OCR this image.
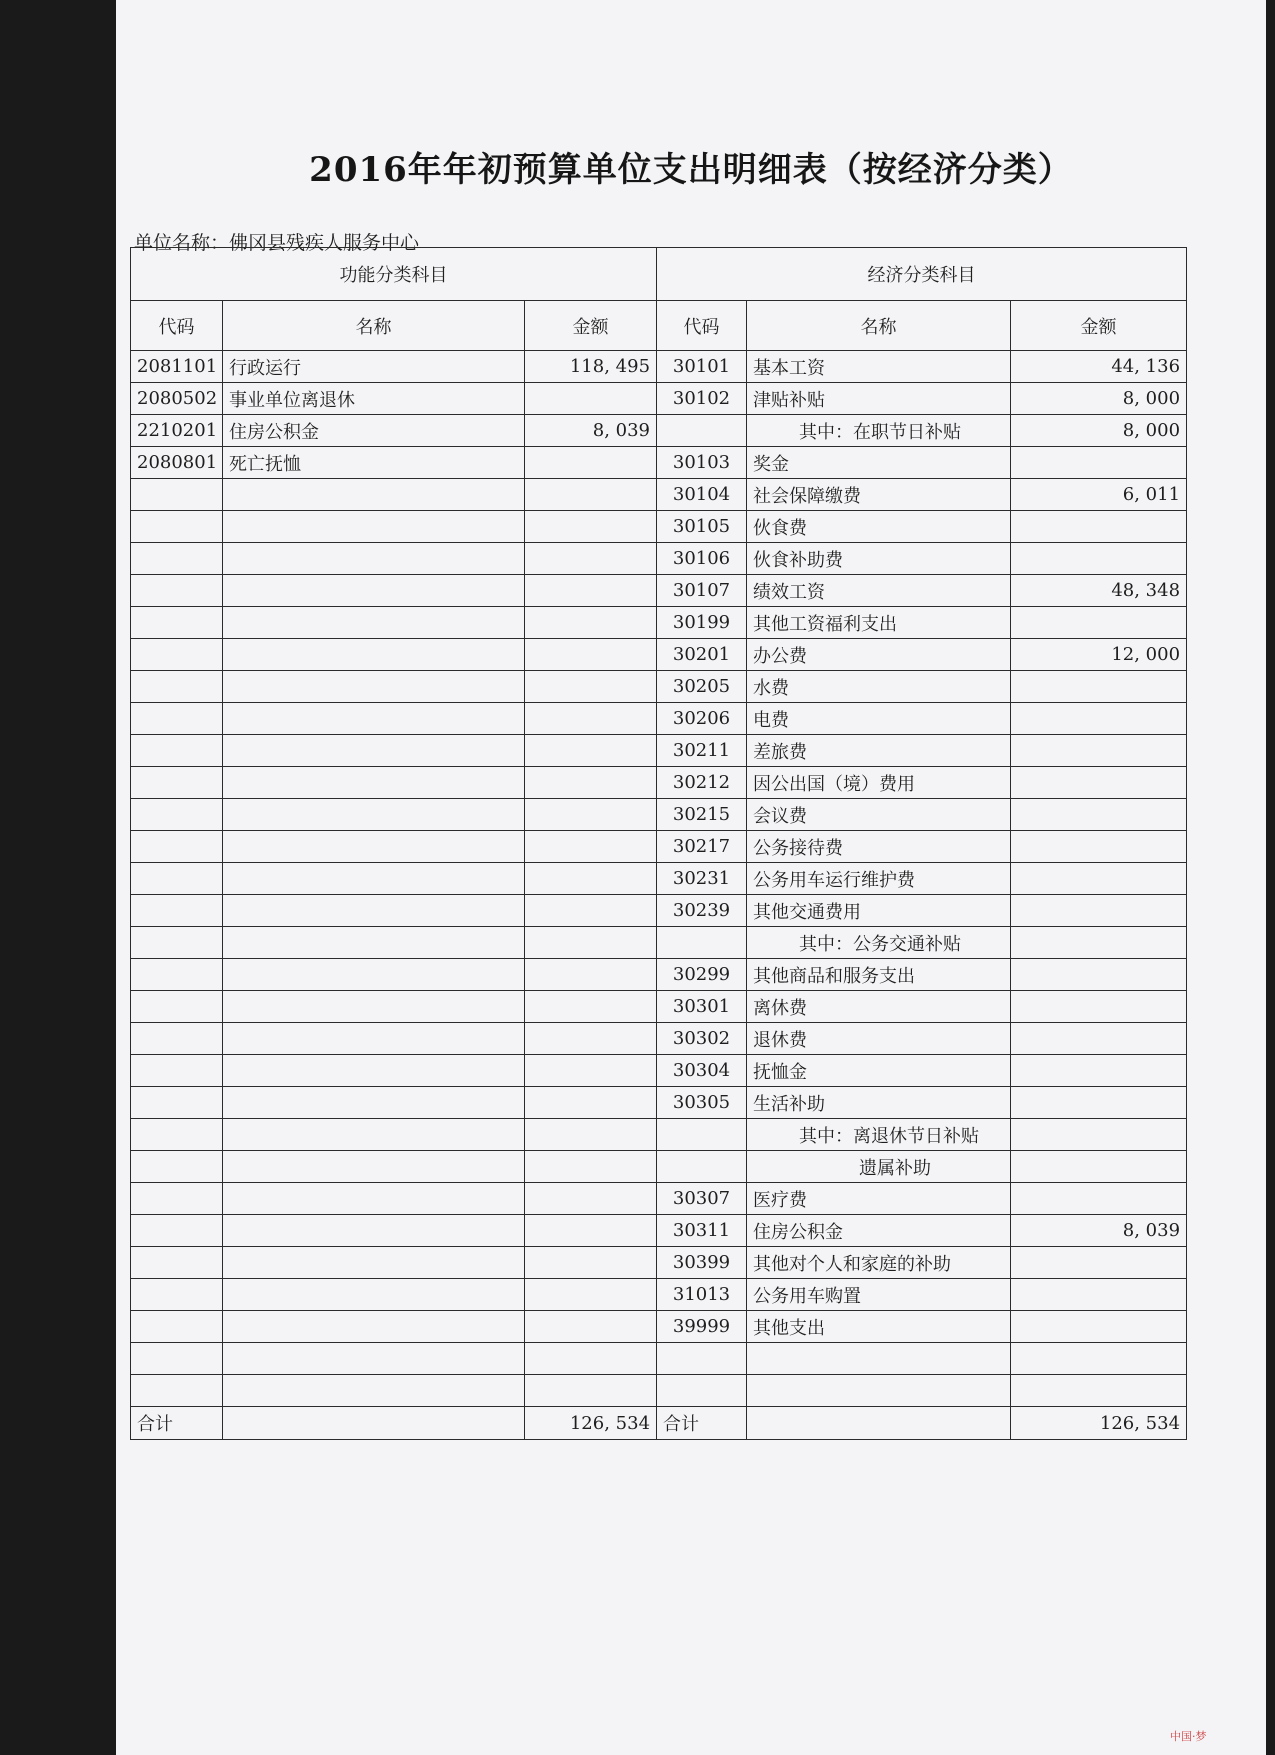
2016年年初预算单位支出明细表（按经济分类）
单位名称：佛冈县残疾人服务中心
功能分类科目			经济分类科目		
代码	名称	金额	代码	名称	金额
2081101	行政运行	118, 495	30101	基本工资	44, 136
2080502	事业单位离退休		30102	津贴补贴	8, 000
2210201	住房公积金	8, 039		其中：在职节日补贴	8, 000
2080801	死亡抚恤		30103	奖金	
			30104	社会保障缴费	6, 011
			30105	伙食费	
			30106	伙食补助费	
			30107	绩效工资	48, 348
			30199	其他工资福利支出	
			30201	办公费	12, 000
			30205	水费	
			30206	电费	
			30211	差旅费	
			30212	因公出国（境）费用	
			30215	会议费	
			30217	公务接待费	
			30231	公务用车运行维护费	
			30239	其他交通费用	
				其中：公务交通补贴	
			30299	其他商品和服务支出	
			30301	离休费	
			30302	退休费	
			30304	抚恤金	
			30305	生活补助	
				其中：离退休节日补贴	
				遗属补助	
			30307	医疗费	
			30311	住房公积金	8, 039
			30399	其他对个人和家庭的补助	
			31013	公务用车购置	
			39999	其他支出	

合计		126, 534	合计		126, 534
中国·梦
